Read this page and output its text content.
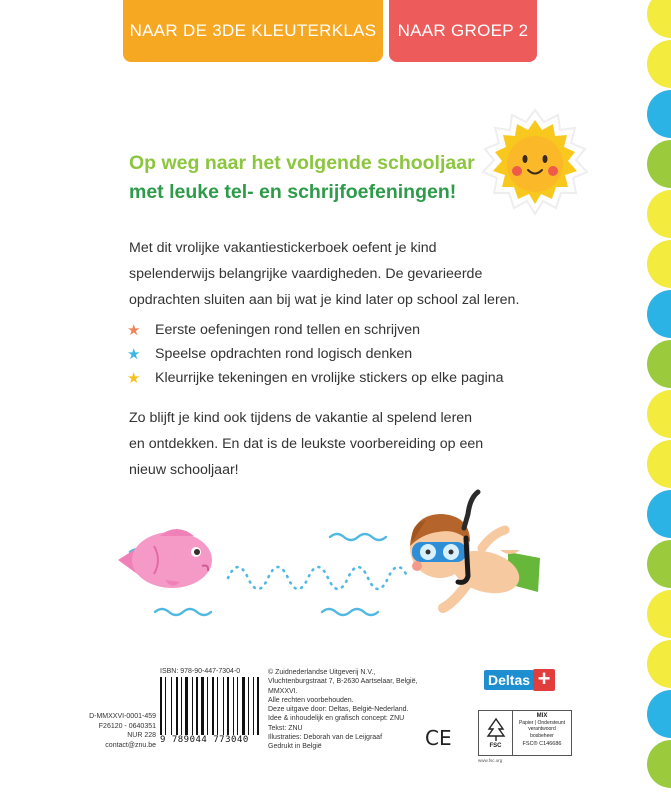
NAAR DE 3DE KLEUTERKLAS	NAAR GROEP 2
Op weg naar het volgende schooljaar
met leuke tel- en schrijfoefeningen!
Met dit vrolijke vakantiestickerboek oefent je kind
spelenderwijs belangrijke vaardigheden. De gevarieerde
opdrachten sluiten aan bij wat je kind later op school zal leren.
★	Eerste oefeningen rond tellen en schrijven
★	Speelse opdrachten rond logisch denken
★	Kleurrijke tekeningen en vrolijke stickers op elke pagina
Zo blijft je kind ook tijdens de vakantie al spelend leren
en ontdekken. En dat is de leukste voorbereiding op een
nieuw schooljaar!
ISBN: 978-90-447-7304-0
9 789044 773040
D-MMXXVI-0001-459
F26120 - 0640351
NUR 228
contact@znu.be
© Zuidnederlandse Uitgeverij N.V.,
Vluchtenburgstraat 7, B-2630 Aartselaar, België, MMXXVI.
Alle rechten voorbehouden.
Deze uitgave door: Deltas, België-Nederland.
Idee & inhoudelijk en grafisch concept: ZNU
Tekst: ZNU
Illustraties: Deborah van de Leijgraaf
Gedrukt in België
Deltas +
CE	FSC
MIX
Papier | Ondersteunt
verantwoord bosbeheer
FSC® C146686
www.fsc.org
